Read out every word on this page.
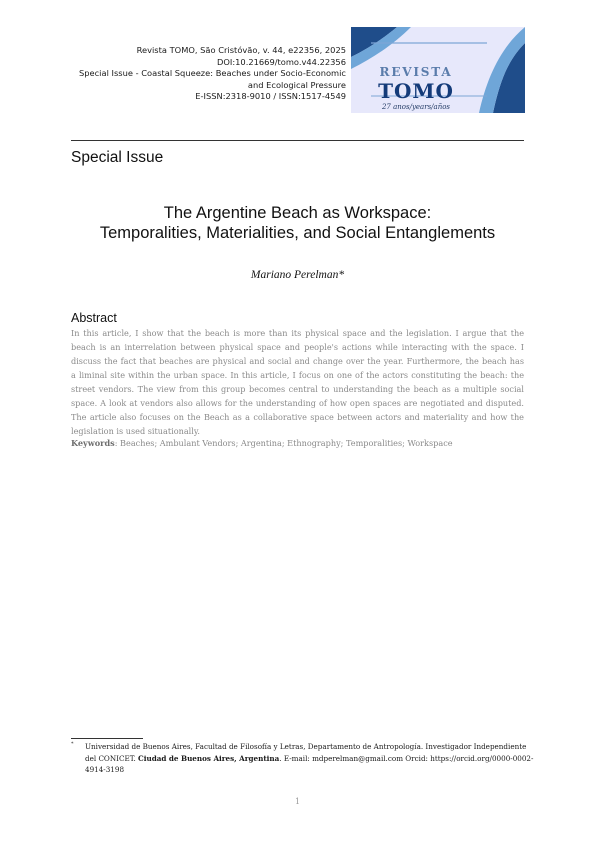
Revista TOMO, São Cristóvão, v. 44, e22356, 2025
DOI:10.21669/tomo.v44.22356
Special Issue - Coastal Squeeze: Beaches under Socio-Economic
and Ecological Pressure
E-ISSN:2318-9010 / ISSN:1517-4549
REVISTA
TOMO
27 anos/years/años
Special Issue
The Argentine Beach as Workspace:
Temporalities, Materialities, and Social Entanglements
Mariano Perelman*
Abstract
In this article, I show that the beach is more than its physical space and the legislation. I argue that the
beach is an interrelation between physical space and people's actions while interacting with the space. I
discuss the fact that beaches are physical and social and change over the year. Furthermore, the beach has
a liminal site within the urban space. In this article, I focus on one of the actors constituting the beach: the
street vendors. The view from this group becomes central to understanding the beach as a multiple social
space. A look at vendors also allows for the understanding of how open spaces are negotiated and disputed.
The article also focuses on the Beach as a collaborative space between actors and materiality and how the
legislation is used situationally.
Keywords: Beaches; Ambulant Vendors; Argentina; Ethnography; Temporalities; Workspace
* Universidad de Buenos Aires, Facultad de Filosofía y Letras, Departamento de Antropología. Investigador Independiente
del CONICET. Ciudad de Buenos Aires, Argentina. E-mail: mdperelman@gmail.com Orcid: https://orcid.org/0000-0002-
4914-3198
1
